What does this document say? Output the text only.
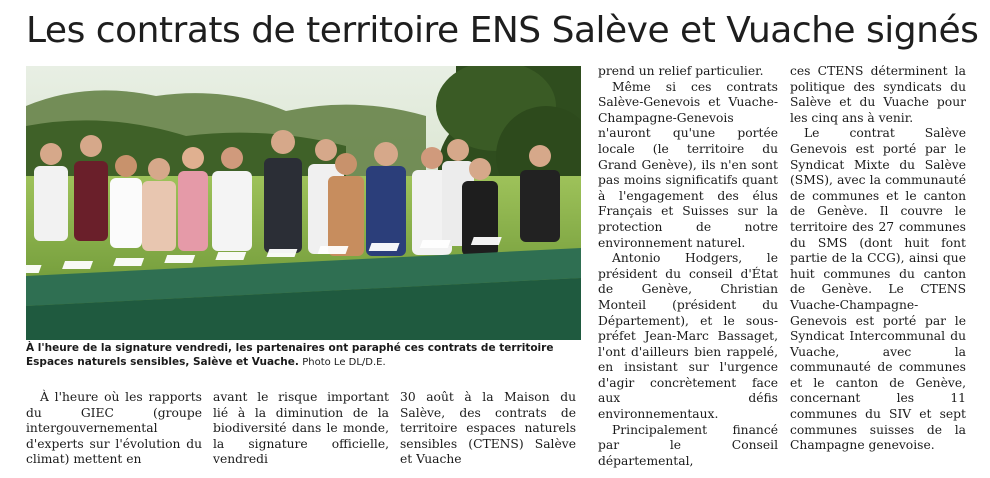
Les contrats de territoire ENS Salève et Vuache signés
À l'heure de la signature vendredi, les partenaires ont paraphé ces contrats de territoire Espaces naturels sensibles, Salève et Vuache. Photo Le DL/D.E.

À l'heure où les rapports du GIEC (groupe intergouvernemental d'experts sur l'évolution du climat) mettent en

avant le risque important lié à la diminution de la biodiversité dans le monde, la signature officielle, vendredi

30 août à la Maison du Salève, des contrats de territoire espaces naturels sensibles (CTENS) Salève et Vuache

prend un relief particulier.

Même si ces contrats Salève-Genevois et Vuache-Champagne-Genevois n'auront qu'une portée locale (le territoire du Grand Genève), ils n'en sont pas moins significatifs quant à l'engagement des élus Français et Suisses sur la protection de notre environnement naturel.

Antonio Hodgers, le président du conseil d'État de Genève, Christian Monteil (président du Département), et le sous-préfet Jean-Marc Bassaget, l'ont d'ailleurs bien rappelé, en insistant sur l'urgence d'agir concrètement face aux défis environnementaux.

Principalement financé par le Conseil départemental,

ces CTENS déterminent la politique des syndicats du Salève et du Vuache pour les cinq ans à venir.

Le contrat Salève Genevois est porté par le Syndicat Mixte du Salève (SMS), avec la communauté de communes et le canton de Genève. Il couvre le territoire des 27 communes du SMS (dont huit font partie de la CCG), ainsi que huit communes du canton de Genève. Le CTENS Vuache-Champagne-Genevois est porté par le Syndicat Intercommunal du Vuache, avec la communauté de communes et le canton de Genève, concernant les 11 communes du SIV et sept communes suisses de la Champagne genevoise.
